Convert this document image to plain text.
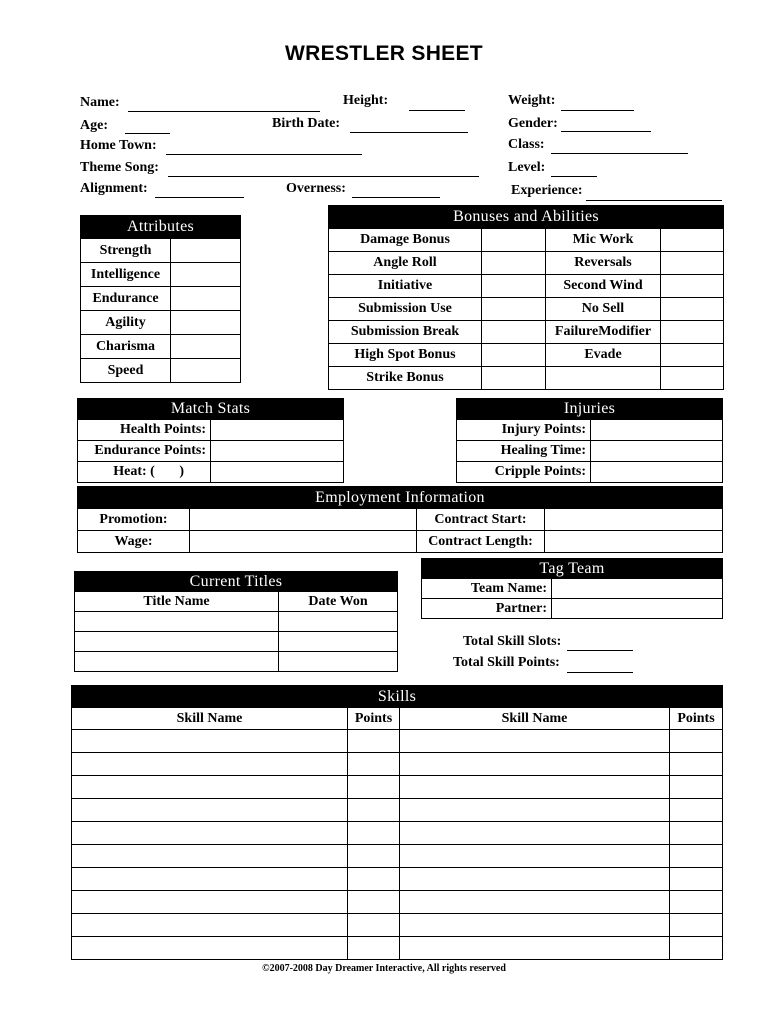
WRESTLER SHEET
Name:	Height:	Weight:
Age:	Birth Date:	Gender:
Home Town:	Class:
Theme Song:	Level:
Alignment:	Overness:	Experience:
Attributes	
Strength	
Intelligence	
Endurance	
Agility	
Charisma	
Speed	
Bonuses and Abilities			
Damage Bonus		Mic Work	
Angle Roll		Reversals	
Initiative		Second Wind	
Submission Use		No Sell	
Submission Break		FailureModifier	
High Spot Bonus		Evade	
Strike Bonus			
Match Stats	
Health Points:	
Endurance Points:	
Heat: (       )	
Injuries	
Injury Points:	
Healing Time:	
Cripple Points:	
Employment Information			
Promotion:		Contract Start:	
Wage:		Contract Length:	
Current Titles	
Title Name	Date Won

Tag Team	
Team Name:	
Partner:	
Total Skill Slots:
Total Skill Points:
Skills			
Skill Name	Points	Skill Name	Points

©2007-2008 Day Dreamer Interactive, All rights reserved
